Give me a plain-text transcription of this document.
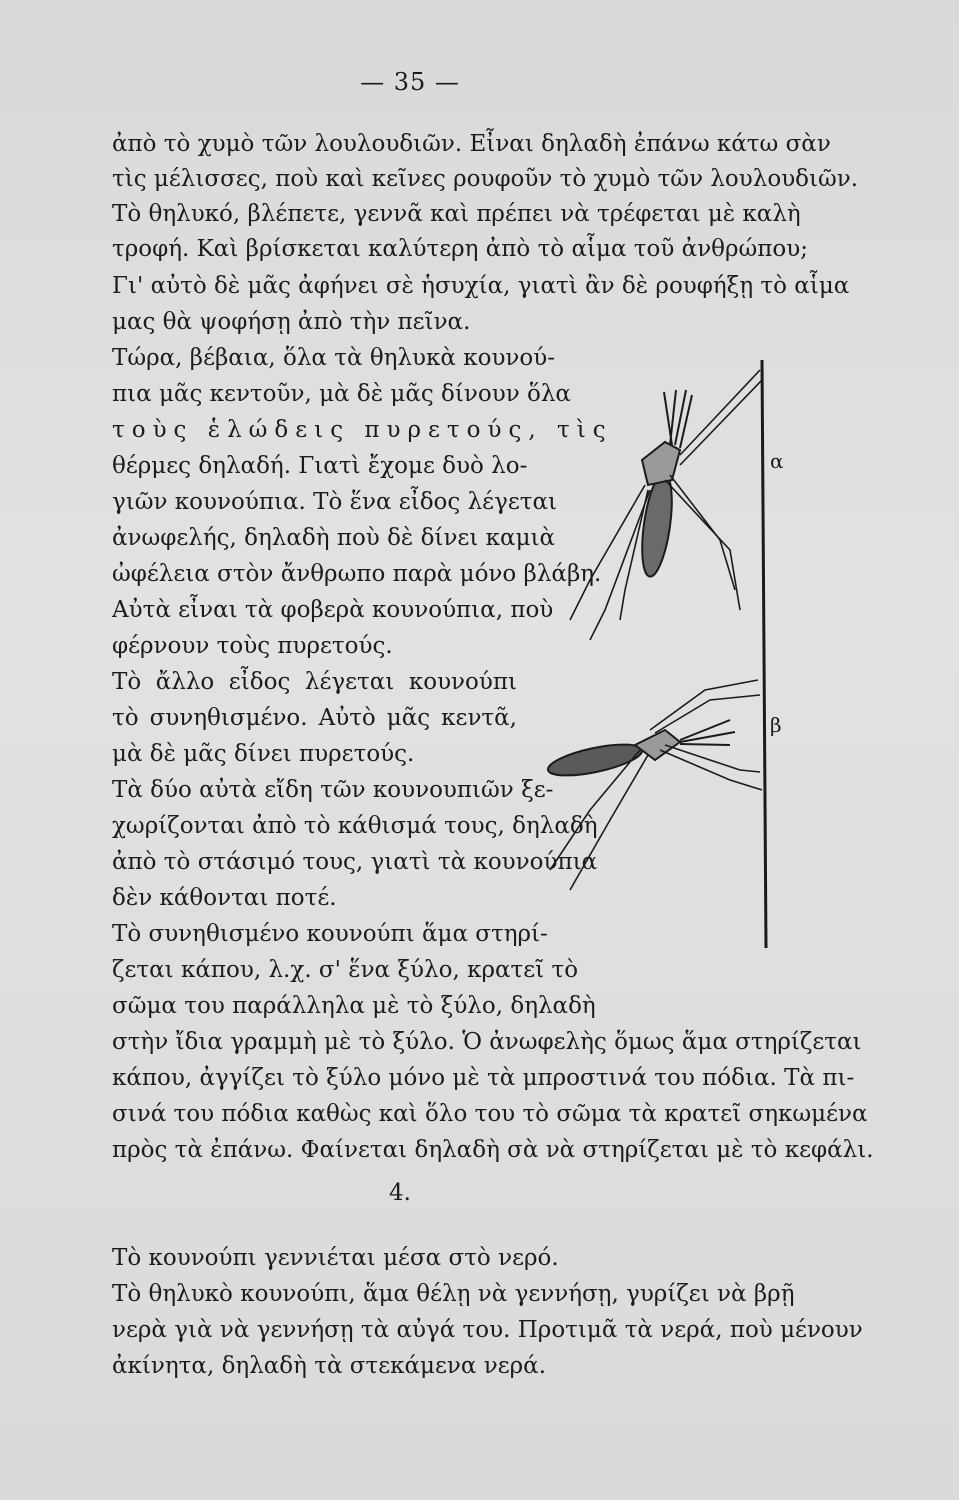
— 35 —
ἀπὸ τὸ χυμὸ τῶν λουλουδιῶν. Εἶναι δηλαδὴ ἐπάνω κάτω σὰν
τὶς μέλισσες, ποὺ καὶ κεῖνες ρουφοῦν τὸ χυμὸ τῶν λουλουδιῶν.
Τὸ θηλυκό, βλέπετε, γεννᾶ καὶ πρέπει νὰ τρέφεται μὲ καλὴ
τροφή. Καὶ βρίσκεται καλύτερη ἀπὸ τὸ αἷμα τοῦ ἀνθρώπου;
Γι' αὐτὸ δὲ μᾶς ἀφήνει σὲ ἡσυχία, γιατὶ ἂν δὲ ρουφήξῃ τὸ αἷμα
μας θὰ ψοφήσῃ ἀπὸ τὴν πεῖνα.
Τώρα, βέβαια, ὅλα τὰ θηλυκὰ κουνού-
πια μᾶς κεντοῦν, μὰ δὲ μᾶς δίνουν ὅλα
τοὺς ἑλώδεις πυρετούς, τὶς
θέρμες δηλαδή. Γιατὶ ἔχομε δυὸ λο-
γιῶν κουνούπια. Τὸ ἕνα εἶδος λέγεται
ἀνωφελής, δηλαδὴ ποὺ δὲ δίνει καμιὰ
ὠφέλεια στὸν ἄνθρωπο παρὰ μόνο βλάβη.
Αὐτὰ εἶναι τὰ φοβερὰ κουνούπια, ποὺ
φέρνουν τοὺς πυρετούς.
Τὸ ἄλλο εἶδος λέγεται κουνούπι
τὸ συνηθισμένο. Αὐτὸ μᾶς κεντᾶ,
μὰ δὲ μᾶς δίνει πυρετούς.
Τὰ δύο αὐτὰ εἴδη τῶν κουνουπιῶν ξε-
χωρίζονται ἀπὸ τὸ κάθισμά τους, δηλαδὴ
ἀπὸ τὸ στάσιμό τους, γιατὶ τὰ κουνούπια
δὲν κάθονται ποτέ.
Τὸ συνηθισμένο κουνούπι ἅμα στηρί-
ζεται κάπου, λ.χ. σ' ἕνα ξύλο, κρατεῖ τὸ
σῶμα του παράλληλα μὲ τὸ ξύλο, δηλαδὴ
στὴν ἴδια γραμμὴ μὲ τὸ ξύλο. Ὁ ἀνωφελὴς ὅμως ἅμα στηρίζεται
κάπου, ἀγγίζει τὸ ξύλο μόνο μὲ τὰ μπροστινά του πόδια. Τὰ πι-
σινά του πόδια καθὼς καὶ ὅλο του τὸ σῶμα τὰ κρατεῖ σηκωμένα
πρὸς τὰ ἐπάνω. Φαίνεται δηλαδὴ σὰ νὰ στηρίζεται μὲ τὸ κεφάλι.
4.
Τὸ κουνούπι γεννιέται μέσα στὸ νερό.
Τὸ θηλυκὸ κουνούπι, ἅμα θέλῃ νὰ γεννήσῃ, γυρίζει νὰ βρῇ
νερὰ γιὰ νὰ γεννήσῃ τὰ αὐγά του. Προτιμᾶ τὰ νερά, ποὺ μένουν
ἀκίνητα, δηλαδὴ τὰ στεκάμενα νερά.
α
β
